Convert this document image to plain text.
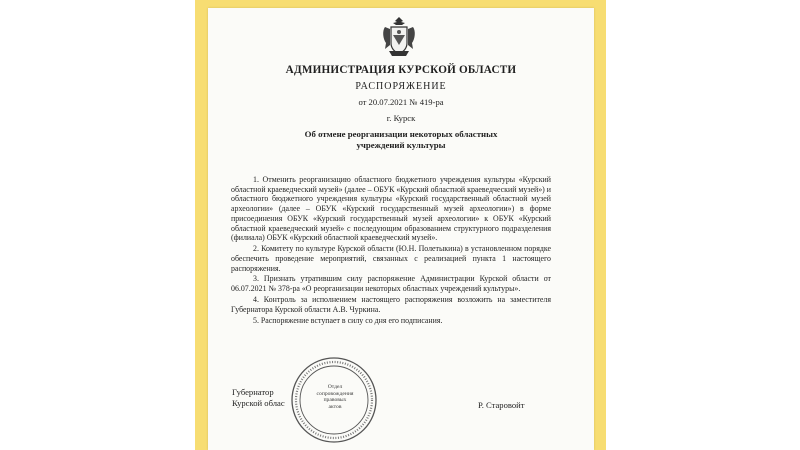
АДМИНИСТРАЦИЯ КУРСКОЙ ОБЛАСТИ
РАСПОРЯЖЕНИЕ
от 20.07.2021 № 419-ра
г. Курск
Об отмене реорганизации некоторых областных
учреждений культуры

1. Отменить реорганизацию областного бюджетного учреждения культуры «Курский областной краеведческий музей» (далее – ОБУК «Курский областной краеведческий музей») и областного бюджетного учреждения культуры «Курский государственный областной музей археологии» (далее – ОБУК «Курский государственный музей археологии») в форме присоединения ОБУК «Курский государственный музей археологии» к ОБУК «Курский областной краеведческий музей» с последующим образованием структурного подразделения (филиала) ОБУК «Курский областной краеведческий музей».

2. Комитету по культуре Курской области (Ю.Н. Полетыкина) в установленном порядке обеспечить проведение мероприятий, связанных с реализацией пункта 1 настоящего распоряжения.

3. Признать утратившим силу распоряжение Администрации Курской области от 06.07.2021 № 378-ра «О реорганизации некоторых областных учреждений культуры».

4. Контроль за исполнением настоящего распоряжения возложить на заместителя Губернатора Курской области А.В. Чуркина.

5. Распоряжение вступает в силу со дня его подписания.

Отдел
сопровождения
правовых
актов
Губернатор
Курской облас	Р. Старовойт
